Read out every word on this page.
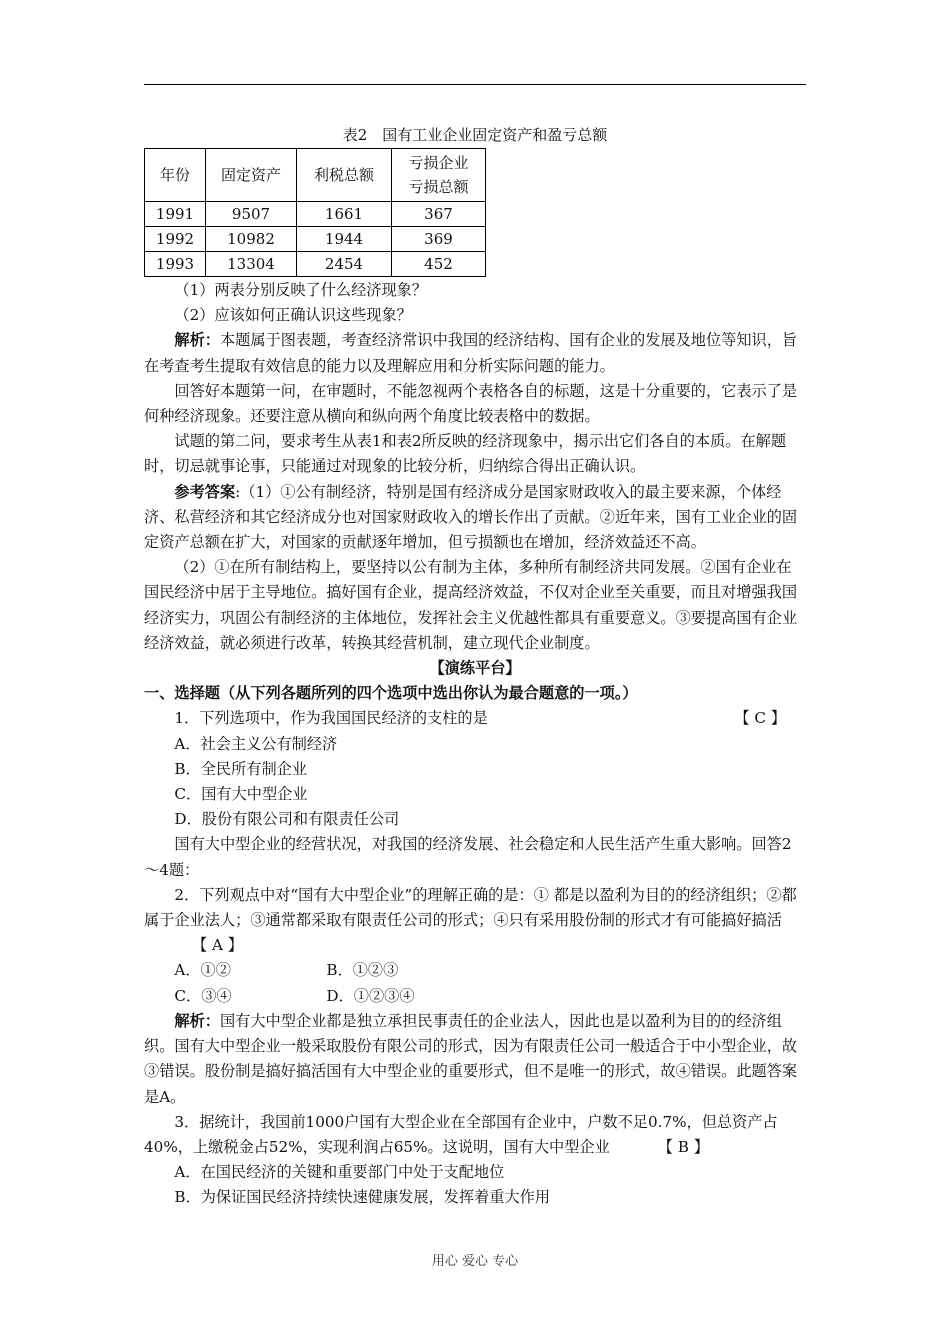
表2　国有工业企业固定资产和盈亏总额
年份	固定资产	利税总额	亏损企业
亏损总额
1991	9507	1661	367
1992	10982	1944	369
1993	13304	2454	452

（1）两表分别反映了什么经济现象？

（2）应该如何正确认识这些现象？

解析：本题属于图表题，考查经济常识中我国的经济结构、国有企业的发展及地位等知识，旨在考查考生提取有效信息的能力以及理解应用和分析实际问题的能力。

回答好本题第一问，在审题时，不能忽视两个表格各自的标题，这是十分重要的，它表示了是何种经济现象。还要注意从横向和纵向两个角度比较表格中的数据。

试题的第二问，要求考生从表1和表2所反映的经济现象中，揭示出它们各自的本质。在解题时，切忌就事论事，只能通过对现象的比较分析，归纳综合得出正确认识。

参考答案:（1）①公有制经济，特别是国有经济成分是国家财政收入的最主要来源，个体经济、私营经济和其它经济成分也对国家财政收入的增长作出了贡献。②近年来，国有工业企业的固定资产总额在扩大，对国家的贡献逐年增加，但亏损额也在增加，经济效益还不高。

（2）①在所有制结构上，要坚持以公有制为主体，多种所有制经济共同发展。②国有企业在国民经济中居于主导地位。搞好国有企业，提高经济效益，不仅对企业至关重要，而且对增强我国经济实力，巩固公有制经济的主体地位，发挥社会主义优越性都具有重要意义。③要提高国有企业经济效益，就必须进行改革，转换其经营机制，建立现代企业制度。

【演练平台】

一、选择题（从下列各题所列的四个选项中选出你认为最合题意的一项。）

1．下列选项中，作为我国国民经济的支柱的是	【 C 】

A．社会主义公有制经济

B．全民所有制企业

C．国有大中型企业

D．股份有限公司和有限责任公司

国有大中型企业的经营状况，对我国的经济发展、社会稳定和人民生活产生重大影响。回答2～4题：

2．下列观点中对“国有大中型企业”的理解正确的是：① 都是以盈利为目的的经济组织；②都属于企业法人；③通常都采取有限责任公司的形式；④只有采用股份制的形式才有可能搞好搞活【 A 】

A．①②	B．①②③
C．③④	D．①②③④

解析：国有大中型企业都是独立承担民事责任的企业法人，因此也是以盈利为目的的经济组织。国有大中型企业一般采取股份有限公司的形式，因为有限责任公司一般适合于中小型企业，故③错误。股份制是搞好搞活国有大中型企业的重要形式，但不是唯一的形式，故④错误。此题答案是A。

3．据统计，我国前1000户国有大型企业在全部国有企业中，户数不足0.7%，但总资产占40%，上缴税金占52%，实现利润占65%。这说明，国有大中型企业	【 B 】

A．在国民经济的关键和重要部门中处于支配地位

B．为保证国民经济持续快速健康发展，发挥着重大作用

用心 爱心 专心
